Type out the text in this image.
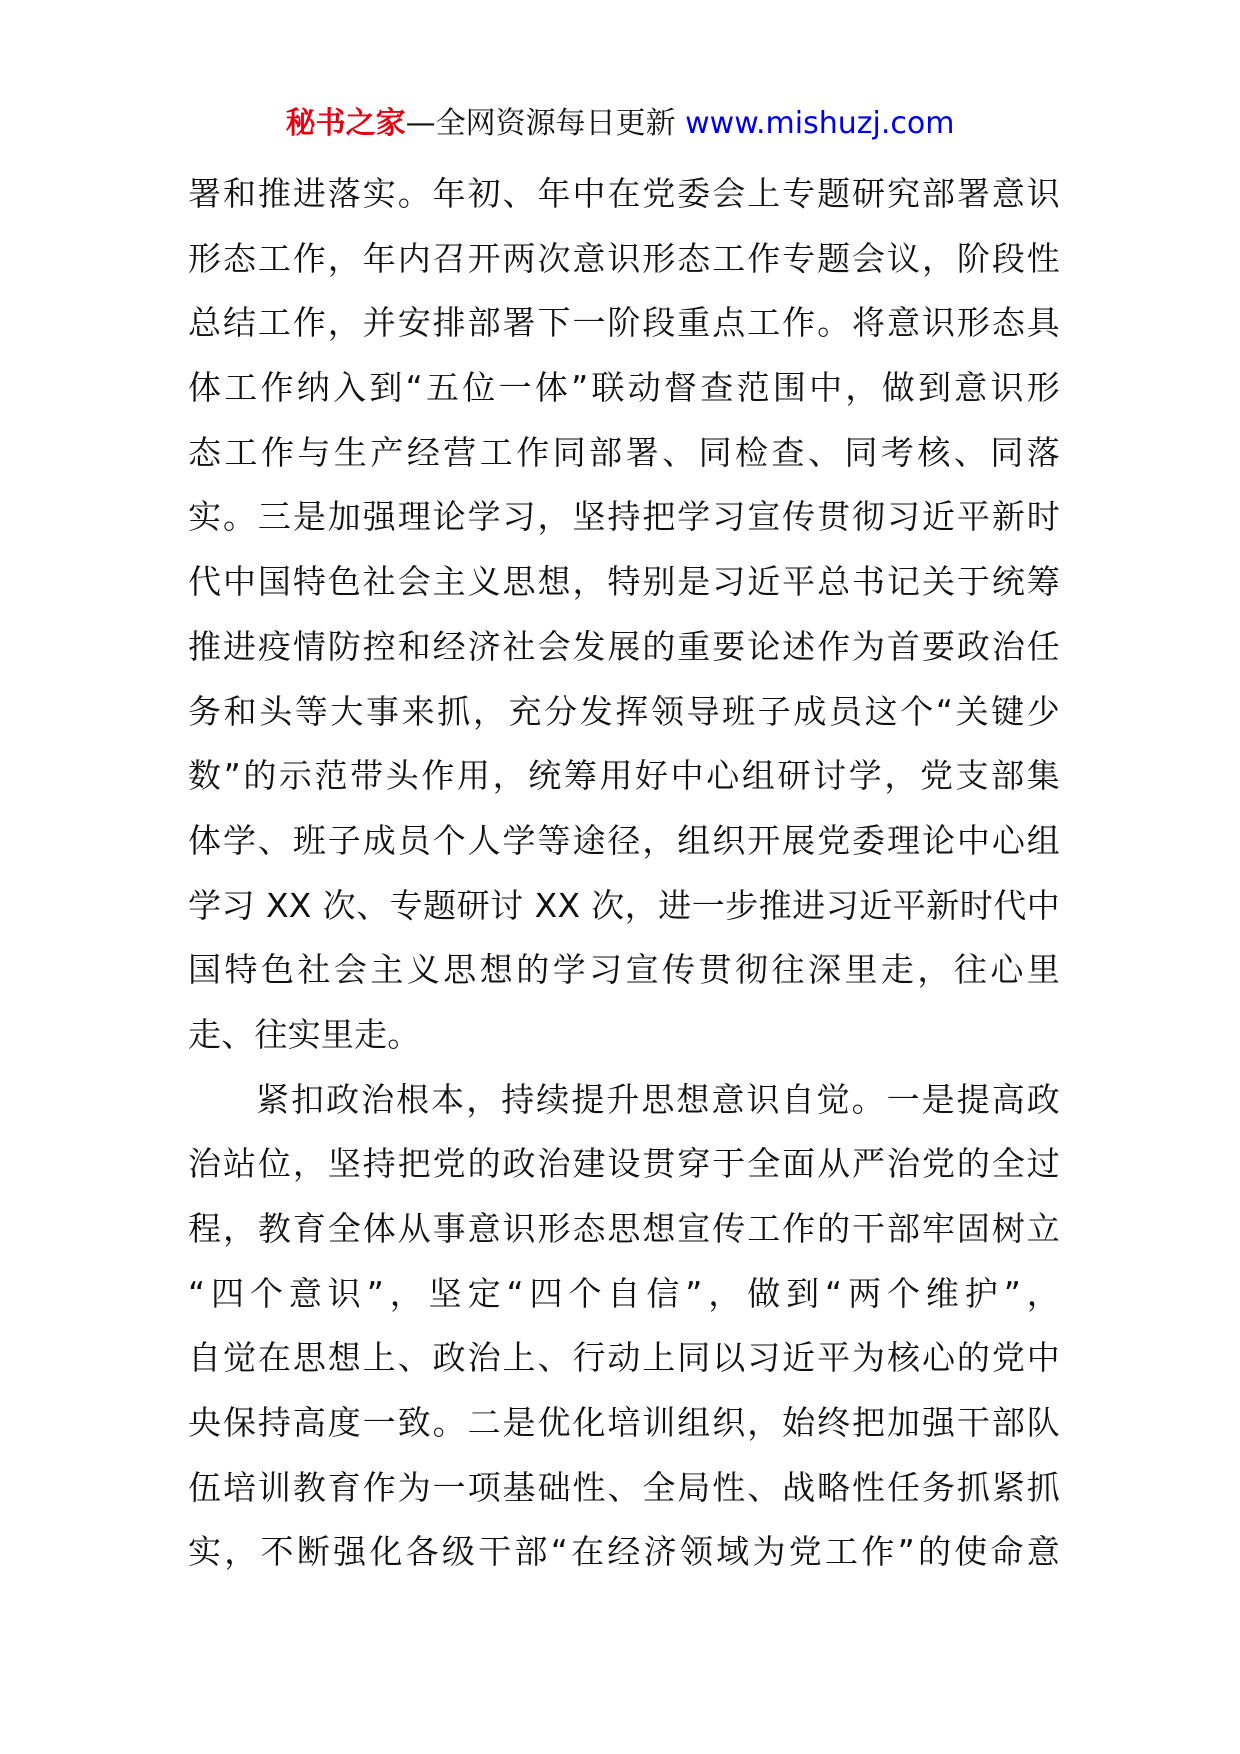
秘书之家—全网资源每日更新 www.mishuzj.com
署和推进落实。年初、年中在党委会上专题研究部署意识
形态工作，年内召开两次意识形态工作专题会议，阶段性
总结工作，并安排部署下一阶段重点工作。将意识形态具
体工作纳入到“五位一体”联动督查范围中，做到意识形
态工作与生产经营工作同部署、同检查、同考核、同落
实。三是加强理论学习，坚持把学习宣传贯彻习近平新时
代中国特色社会主义思想，特别是习近平总书记关于统筹
推进疫情防控和经济社会发展的重要论述作为首要政治任
务和头等大事来抓，充分发挥领导班子成员这个“关键少
数”的示范带头作用，统筹用好中心组研讨学，党支部集
体学、班子成员个人学等途径，组织开展党委理论中心组
学习 XX 次、专题研讨 XX 次，进一步推进习近平新时代中
国特色社会主义思想的学习宣传贯彻往深里走，往心里
走、往实里走。
紧扣政治根本，持续提升思想意识自觉。一是提高政
治站位，坚持把党的政治建设贯穿于全面从严治党的全过
程，教育全体从事意识形态思想宣传工作的干部牢固树立
“四个意识”，坚定“四个自信”，做到“两个维护”，
自觉在思想上、政治上、行动上同以习近平为核心的党中
央保持高度一致。二是优化培训组织，始终把加强干部队
伍培训教育作为一项基础性、全局性、战略性任务抓紧抓
实，不断强化各级干部“在经济领域为党工作”的使命意
